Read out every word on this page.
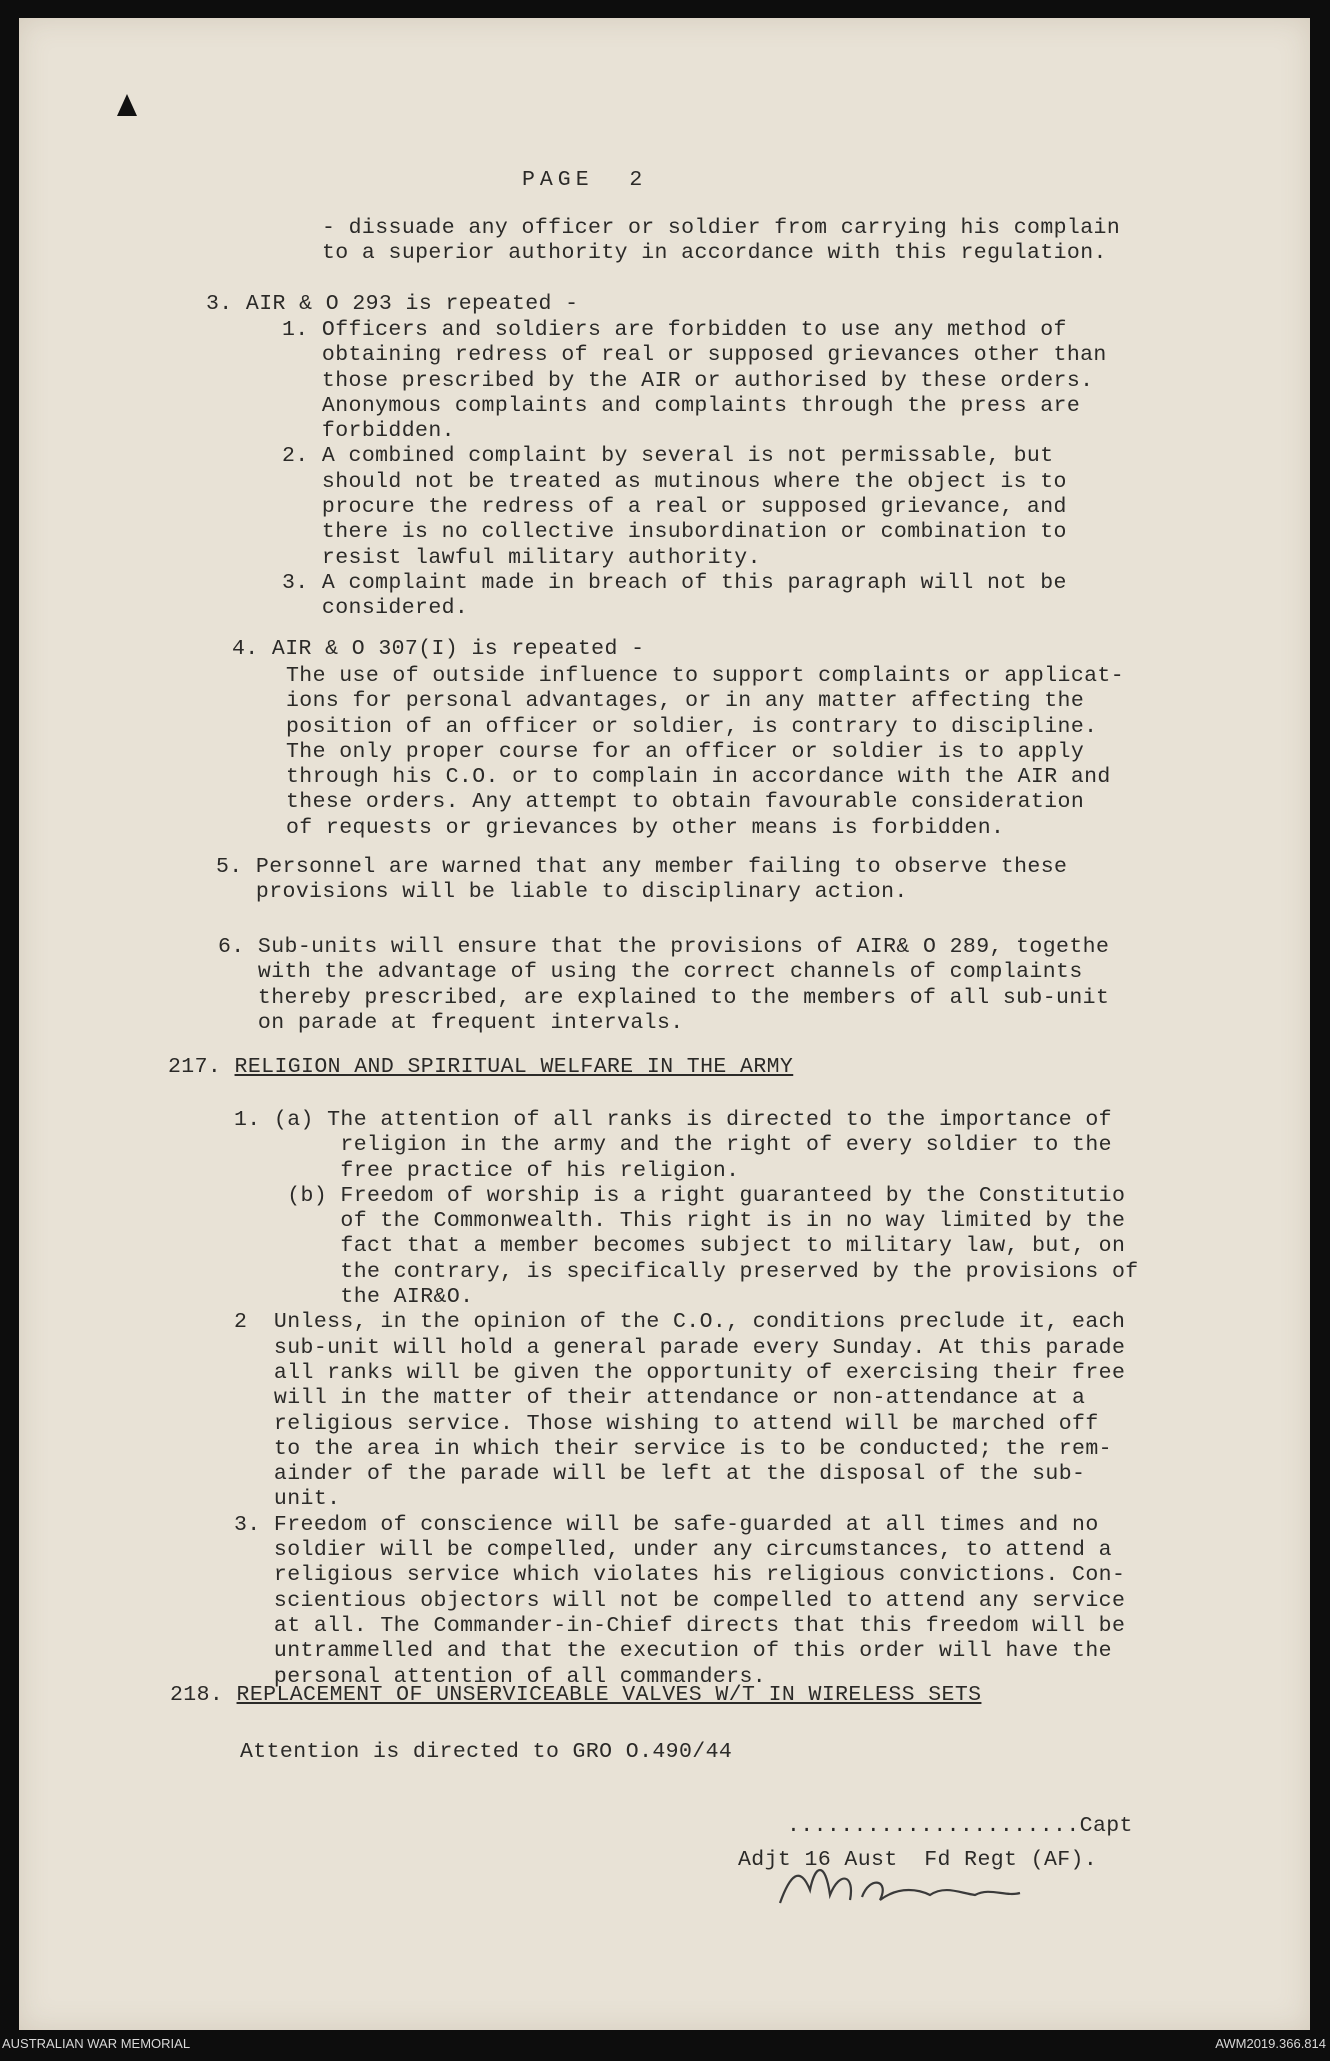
PAGE  2
- dissuade any officer or soldier from carrying his complain
to a superior authority in accordance with this regulation.
3. AIR & O 293 is repeated -
1. Officers and soldiers are forbidden to use any method of
obtaining redress of real or supposed grievances other than
those prescribed by the AIR or authorised by these orders.
Anonymous complaints and complaints through the press are
forbidden.
2. A combined complaint by several is not permissable, but
should not be treated as mutinous where the object is to
procure the redress of a real or supposed grievance, and
there is no collective insubordination or combination to
resist lawful military authority.
3. A complaint made in breach of this paragraph will not be
considered.
4. AIR & O 307(I) is repeated -
The use of outside influence to support complaints or applicat-
ions for personal advantages, or in any matter affecting the
position of an officer or soldier, is contrary to discipline.
The only proper course for an officer or soldier is to apply
through his C.O. or to complain in accordance with the AIR and
these orders. Any attempt to obtain favourable consideration
of requests or grievances by other means is forbidden.
5. Personnel are warned that any member failing to observe these
provisions will be liable to disciplinary action.
6. Sub-units will ensure that the provisions of AIR& O 289, togethe
with the advantage of using the correct channels of complaints
thereby prescribed, are explained to the members of all sub-unit
on parade at frequent intervals.
217. RELIGION AND SPIRITUAL WELFARE IN THE ARMY
1. (a) The attention of all ranks is directed to the importance of
religion in the army and the right of every soldier to the
free practice of his religion.
(b) Freedom of worship is a right guaranteed by the Constitutio
of the Commonwealth. This right is in no way limited by the
fact that a member becomes subject to military law, but, on
the contrary, is specifically preserved by the provisions of
the AIR&O.
2  Unless, in the opinion of the C.O., conditions preclude it, each
sub-unit will hold a general parade every Sunday. At this parade
all ranks will be given the opportunity of exercising their free
will in the matter of their attendance or non-attendance at a
religious service. Those wishing to attend will be marched off
to the area in which their service is to be conducted; the rem-
ainder of the parade will be left at the disposal of the sub-
unit.
3. Freedom of conscience will be safe-guarded at all times and no
soldier will be compelled, under any circumstances, to attend a
religious service which violates his religious convictions. Con-
scientious objectors will not be compelled to attend any service
at all. The Commander-in-Chief directs that this freedom will be
untrammelled and that the execution of this order will have the
personal attention of all commanders.
218. REPLACEMENT OF UNSERVICEABLE VALVES W/T IN WIRELESS SETS
Attention is directed to GRO O.490/44
......................Capt
Adjt 16 Aust  Fd Regt (AF).
AUSTRALIAN WAR MEMORIAL	AWM2019.366.814
